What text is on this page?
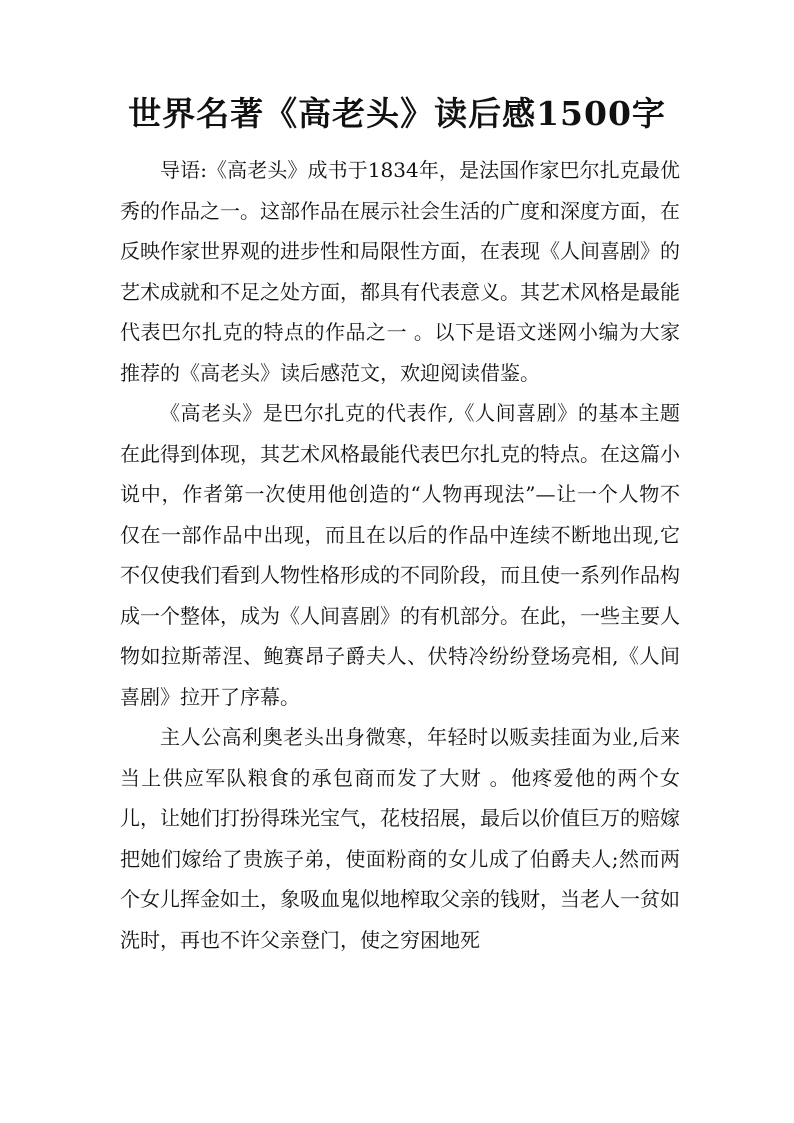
世界名著《高老头》读后感1500字

导语:《高老头》成书于1834年，是法国作家巴尔扎克最优秀的作品之一。这部作品在展示社会生活的广度和深度方面，在反映作家世界观的进步性和局限性方面，在表现《人间喜剧》的艺术成就和不足之处方面，都具有代表意义。其艺术风格是最能代表巴尔扎克的特点的作品之一 。以下是语文迷网小编为大家推荐的《高老头》读后感范文，欢迎阅读借鉴。

《高老头》是巴尔扎克的代表作,《人间喜剧》的基本主题在此得到体现，其艺术风格最能代表巴尔扎克的特点。在这篇小说中，作者第一次使用他创造的“人物再现法”—让一个人物不仅在一部作品中出现，而且在以后的作品中连续不断地出现,它不仅使我们看到人物性格形成的不同阶段，而且使一系列作品构成一个整体，成为《人间喜剧》的有机部分。在此，一些主要人物如拉斯蒂涅、鲍赛昂子爵夫人、伏特冷纷纷登场亮相,《人间喜剧》拉开了序幕。

主人公高利奥老头出身微寒，年轻时以贩卖挂面为业,后来当上供应军队粮食的承包商而发了大财 。他疼爱他的两个女儿，让她们打扮得珠光宝气，花枝招展，最后以价值巨万的赔嫁把她们嫁给了贵族子弟，使面粉商的女儿成了伯爵夫人;然而两个女儿挥金如土，象吸血鬼似地榨取父亲的钱财，当老人一贫如洗时，再也不许父亲登门，使之穷困地死
